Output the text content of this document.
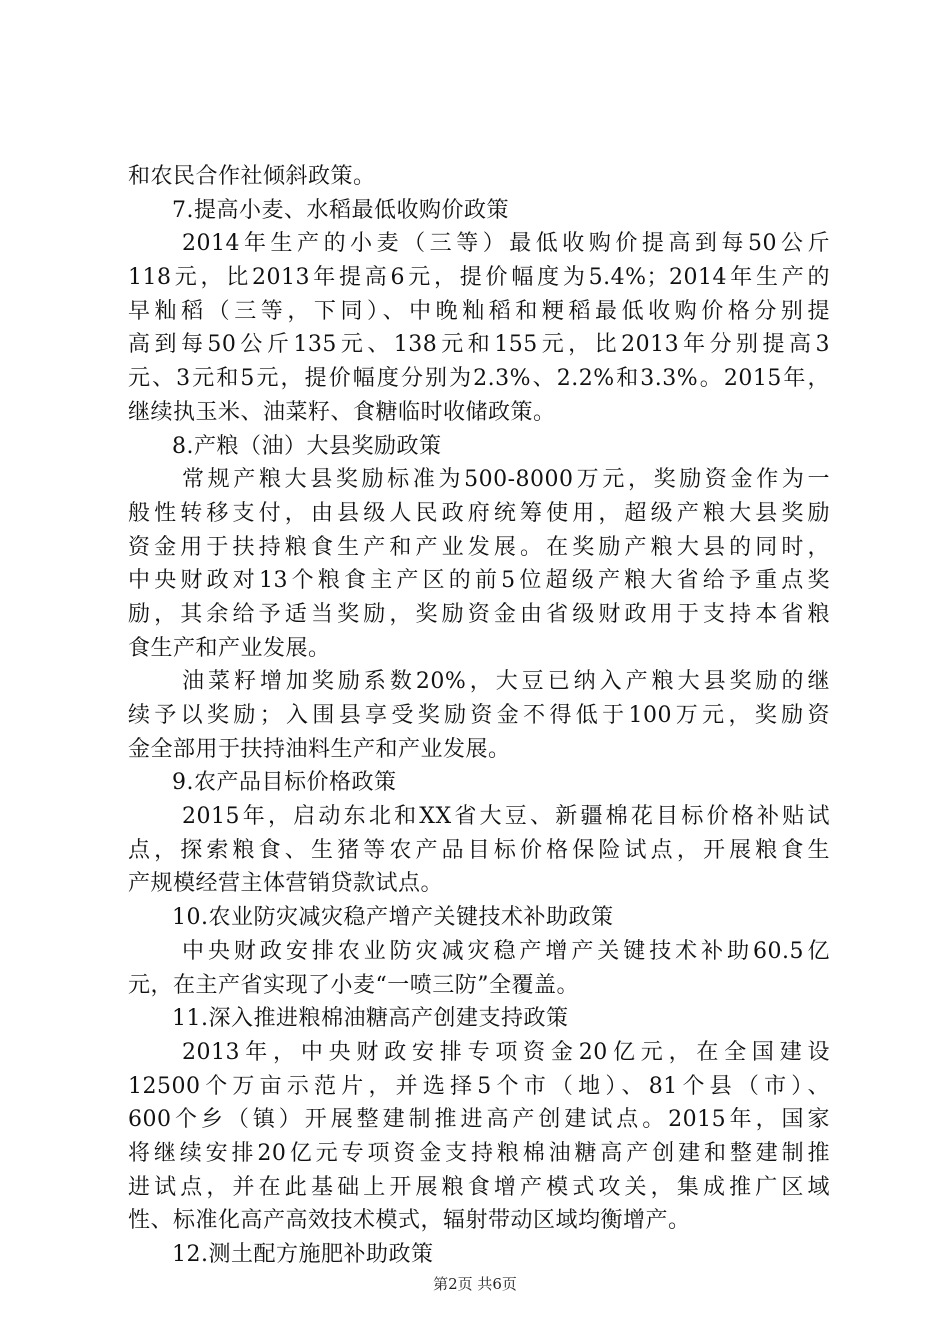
和农民合作社倾斜政策。
7.提高小麦、水稻最低收购价政策
2014年生产的小麦（三等）最低收购价提高到每50公斤
118元，比2013年提高6元，提价幅度为5.4%；2014年生产的
早籼稻（三等，下同）、中晚籼稻和粳稻最低收购价格分别提
高到每50公斤135元、138元和155元，比2013年分别提高3
元、3元和5元，提价幅度分别为2.3%、2.2%和3.3%。2015年，
继续执玉米、油菜籽、食糖临时收储政策。
8.产粮（油）大县奖励政策
常规产粮大县奖励标准为500-8000万元，奖励资金作为一
般性转移支付，由县级人民政府统筹使用，超级产粮大县奖励
资金用于扶持粮食生产和产业发展。在奖励产粮大县的同时，
中央财政对13个粮食主产区的前5位超级产粮大省给予重点奖
励，其余给予适当奖励，奖励资金由省级财政用于支持本省粮
食生产和产业发展。
油菜籽增加奖励系数20%，大豆已纳入产粮大县奖励的继
续予以奖励；入围县享受奖励资金不得低于100万元，奖励资
金全部用于扶持油料生产和产业发展。
9.农产品目标价格政策
2015年，启动东北和XX省大豆、新疆棉花目标价格补贴试
点，探索粮食、生猪等农产品目标价格保险试点，开展粮食生
产规模经营主体营销贷款试点。
10.农业防灾减灾稳产增产关键技术补助政策
中央财政安排农业防灾减灾稳产增产关键技术补助60.5亿
元，在主产省实现了小麦“一喷三防”全覆盖。
11.深入推进粮棉油糖高产创建支持政策
2013年，中央财政安排专项资金20亿元，在全国建设
12500个万亩示范片，并选择5个市（地）、81个县（市）、
600个乡（镇）开展整建制推进高产创建试点。2015年，国家
将继续安排20亿元专项资金支持粮棉油糖高产创建和整建制推
进试点，并在此基础上开展粮食增产模式攻关，集成推广区域
性、标准化高产高效技术模式，辐射带动区域均衡增产。
12.测土配方施肥补助政策
第2页 共6页
